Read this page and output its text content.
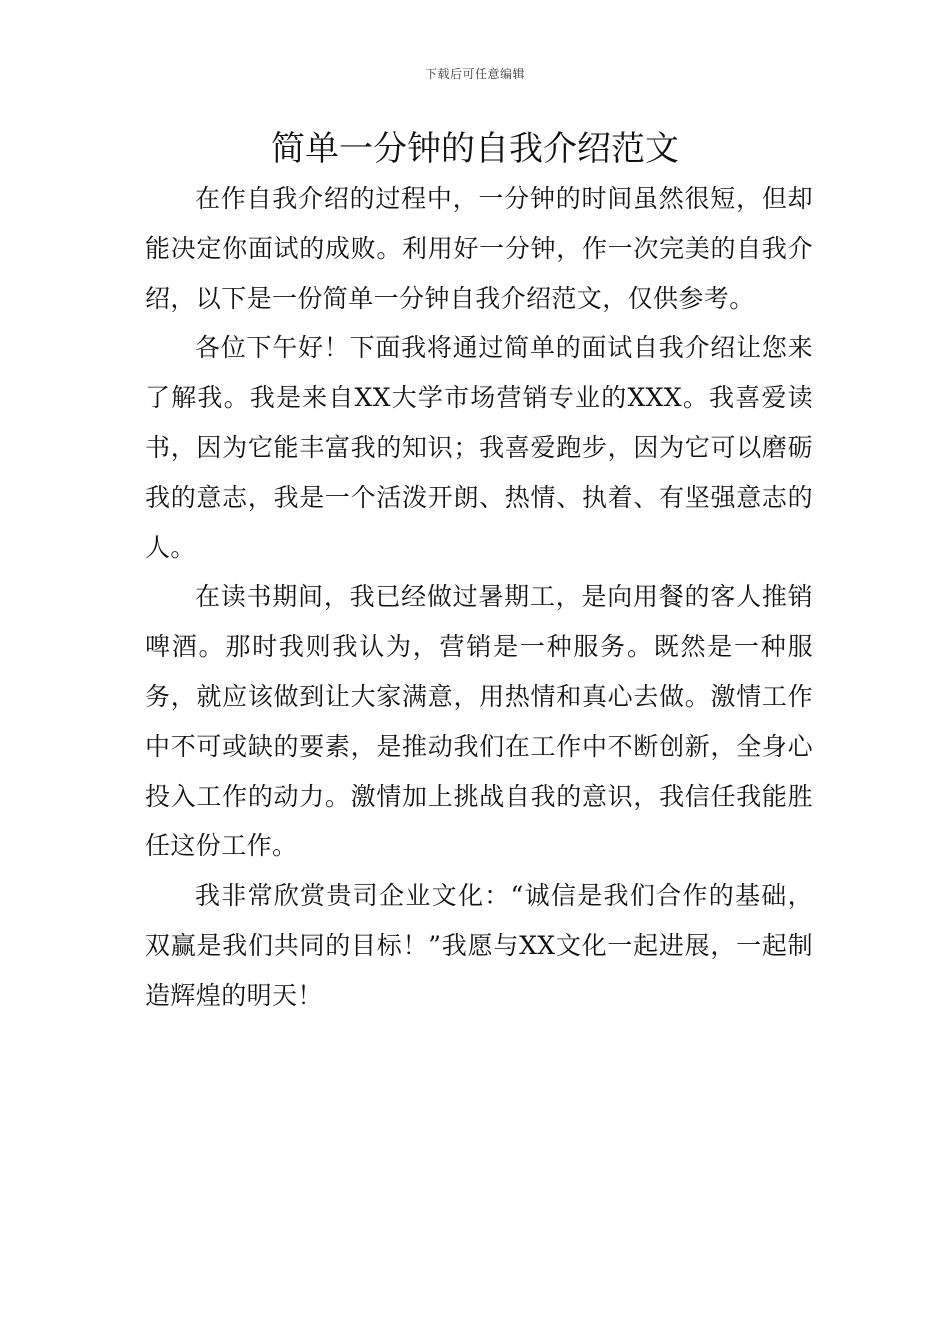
下载后可任意编辑
简单一分钟的自我介绍范文

在作自我介绍的过程中，一分钟的时间虽然很短，但却能决定你面试的成败。利用好一分钟，作一次完美的自我介绍，以下是一份简单一分钟自我介绍范文，仅供参考。

各位下午好！下面我将通过简单的面试自我介绍让您来了解我。我是来自XX大学市场营销专业的XXX。我喜爱读书，因为它能丰富我的知识；我喜爱跑步，因为它可以磨砺我的意志，我是一个活泼开朗、热情、执着、有坚强意志的人。

在读书期间，我已经做过暑期工，是向用餐的客人推销啤酒。那时我则我认为，营销是一种服务。既然是一种服务，就应该做到让大家满意，用热情和真心去做。激情工作中不可或缺的要素，是推动我们在工作中不断创新，全身心投入工作的动力。激情加上挑战自我的意识，我信任我能胜任这份工作。

我非常欣赏贵司企业文化：“诚信是我们合作的基础，双赢是我们共同的目标！”我愿与XX文化一起进展，一起制造辉煌的明天！
